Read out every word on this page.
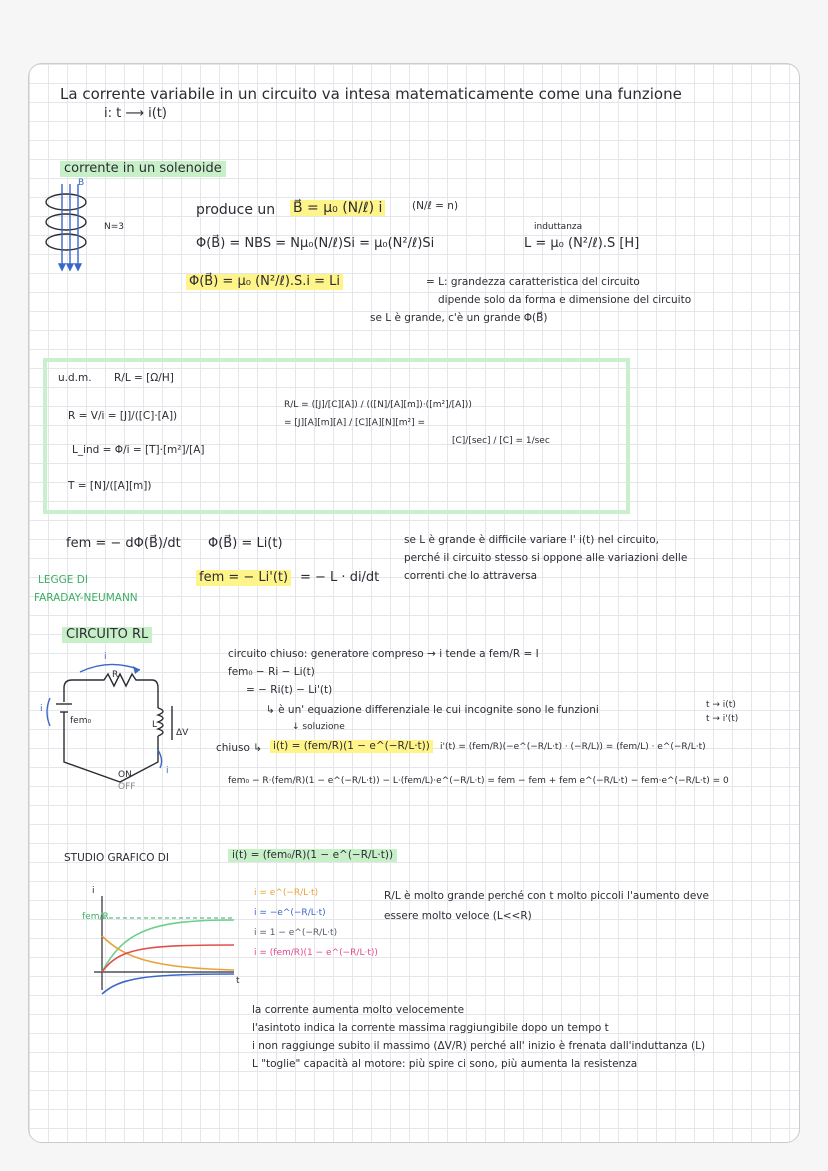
La corrente variabile in un circuito va intesa matematicamente come una funzione
i: t ⟶ i(t)
corrente in un solenoide
B
N=3
produce un B⃗ = μ₀ (N/ℓ) i	(N/ℓ = n)
Φ(B⃗) = NBS = Nμ₀(N/ℓ)Si = μ₀(N²/ℓ)Si
Φ(B⃗) = μ₀ (N²/ℓ).S.i = Li
induttanza
L = μ₀ (N²/ℓ).S [H]
= L: grandezza caratteristica del circuito
dipende solo da forma e dimensione del circuito
se L è grande, c'è un grande Φ(B⃗)
u.d.m. R/L = [Ω/H]
R = V/i = [J]/([C]·[A])
L_ind = Φ/i = [T]·[m²]/[A]
T = [N]/([A][m])
R/L = ([J]/[C][A]) / (([N]/[A][m])·([m²]/[A]))
= [J][A][m][A] / [C][A][N][m²] =
[C]/[sec] / [C] = 1/sec
fem = − dΦ(B⃗)/dt
LEGGE DI
FARADAY-NEUMANN
Φ(B⃗) = Li(t)
fem = − Li'(t) = − L · di/dt
se L è grande è difficile variare l' i(t) nel circuito,
perché il circuito stesso si oppone alle variazioni delle
correnti che lo attraversa
CIRCUITO RL
i
R
i
fem₀	L
ΔV
ON
OFF
i
circuito chiuso: generatore compreso → i tende a fem/R = I
fem₀ − Ri − Li(t)
= − Ri(t) − Li'(t)
↳ è un' equazione differenziale le cui incognite sono le funzioni	t → i(t)
t → i'(t)
↓ soluzione
chiuso ↳ i(t) = (fem/R)(1 − e^(−R/L·t))	i'(t) = (fem/R)(−e^(−R/L·t) · (−R/L)) = (fem/L) · e^(−R/L·t)
fem₀ − R·(fem/R)(1 − e^(−R/L·t)) − L·(fem/L)·e^(−R/L·t) = fem − fem + fem e^(−R/L·t) − fem·e^(−R/L·t) = 0
STUDIO GRAFICO DI	i(t) = (fem₀/R)(1 − e^(−R/L·t))
i
fem/R
t
i = e^(−R/L·t)
i = −e^(−R/L·t)
i = 1 − e^(−R/L·t)
i = (fem/R)(1 − e^(−R/L·t))
R/L è molto grande perché con t molto piccoli l'aumento deve
essere molto veloce (L<<R)
la corrente aumenta molto velocemente
l'asintoto indica la corrente massima raggiungibile dopo un tempo t
i non raggiunge subito il massimo (ΔV/R) perché all' inizio è frenata dall'induttanza (L)
L "toglie" capacità al motore: più spire ci sono, più aumenta la resistenza
